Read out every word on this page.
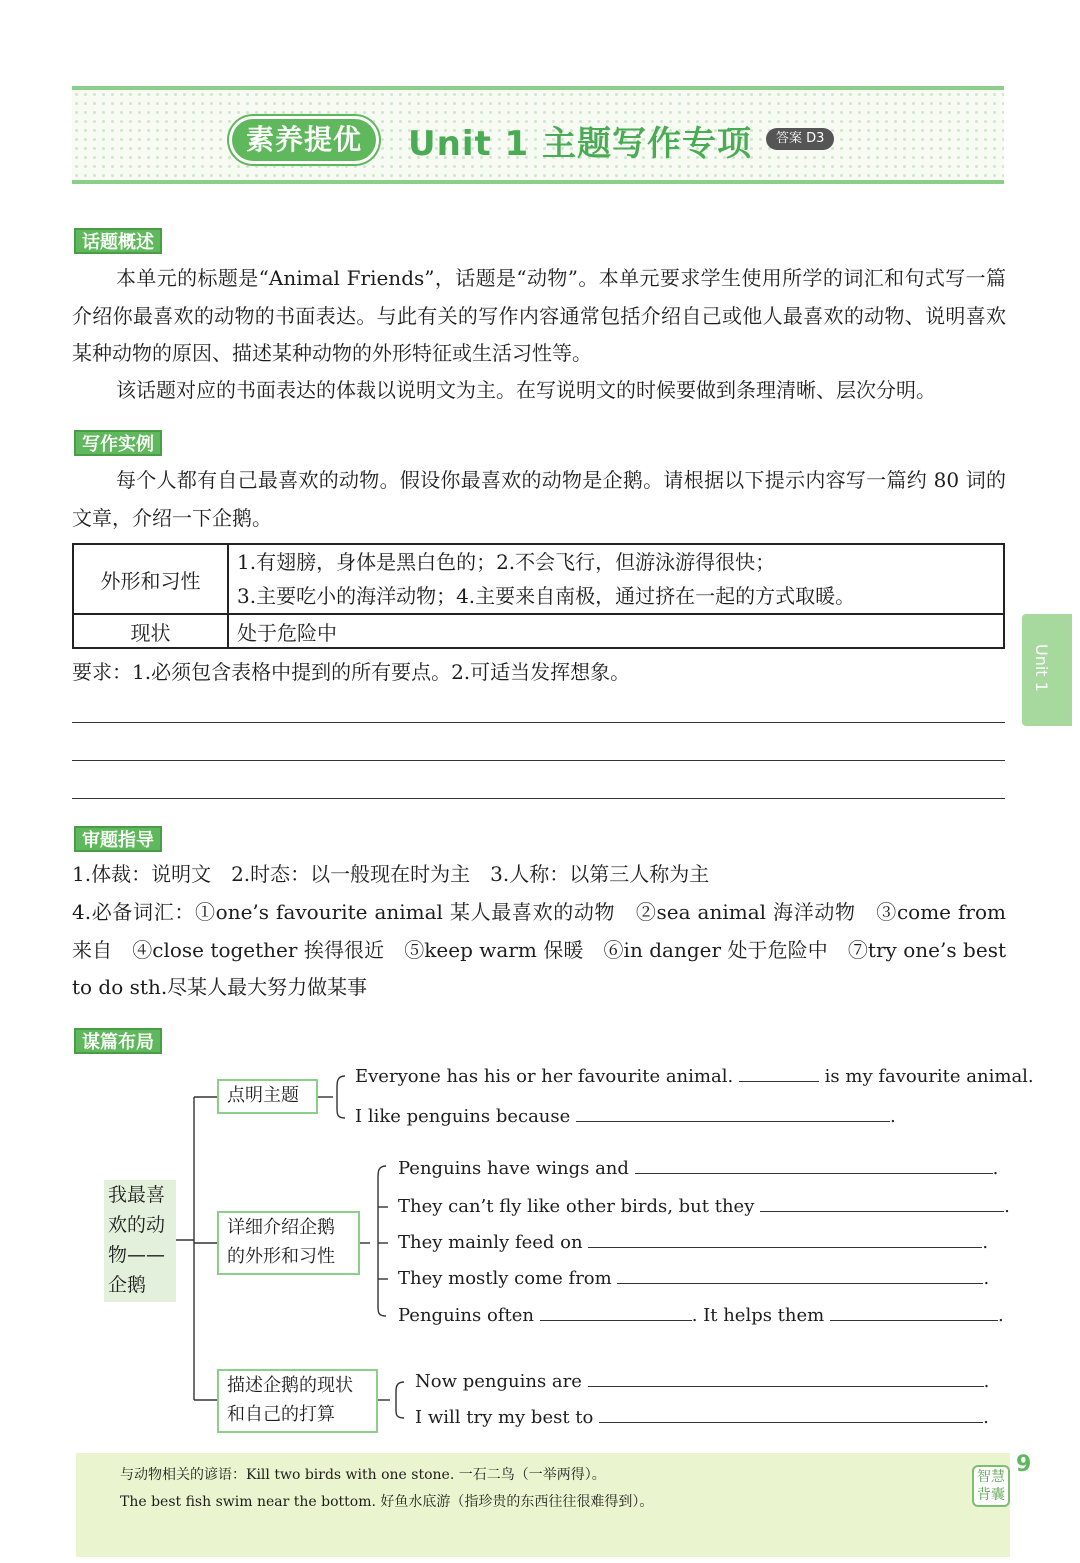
素养提优	Unit 1 主题写作专项	答案 D3
话题概述
本单元的标题是“Animal Friends”，话题是“动物”。本单元要求学生使用所学的词汇和句式写一篇介绍你最喜欢的动物的书面表达。与此有关的写作内容通常包括介绍自己或他人最喜欢的动物、说明喜欢某种动物的原因、描述某种动物的外形特征或生活习性等。
该话题对应的书面表达的体裁以说明文为主。在写说明文的时候要做到条理清晰、层次分明。
写作实例
每个人都有自己最喜欢的动物。假设你最喜欢的动物是企鹅。请根据以下提示内容写一篇约 80 词的文章，介绍一下企鹅。
外形和习性	1.有翅膀，身体是黑白色的；2.不会飞行，但游泳游得很快；
3.主要吃小的海洋动物；4.主要来自南极，通过挤在一起的方式取暖。

现状	处于危险中
要求：1.必须包含表格中提到的所有要点。2.可适当发挥想象。
审题指导
1.体裁：说明文　2.时态：以一般现在时为主　3.人称：以第三人称为主
4.必备词汇：①one’s favourite animal 某人最喜欢的动物　②sea animal 海洋动物　③come from 来自　④close together 挨得很近　⑤keep warm 保暖　⑥in danger 处于危险中　⑦try one’s best to do sth.尽某人最大努力做某事
谋篇布局
我最喜欢的动物——企鹅
点明主题
详细介绍企鹅的外形和习性
描述企鹅的现状和自己的打算
Everyone has his or her favourite animal.	is my favourite animal.
I like penguins because	.
Penguins have wings and	.
They can’t fly like other birds, but they	.
They mainly feed on	.
They mostly come from	.
Penguins often	. It helps them	.
Now penguins are	.
I will try my best to	.
Unit 1
与动物相关的谚语：Kill two birds with one stone. 一石二鸟（一举两得）。
The best fish swim near the bottom. 好鱼水底游（指珍贵的东西往往很难得到）。
智慧背囊
9
